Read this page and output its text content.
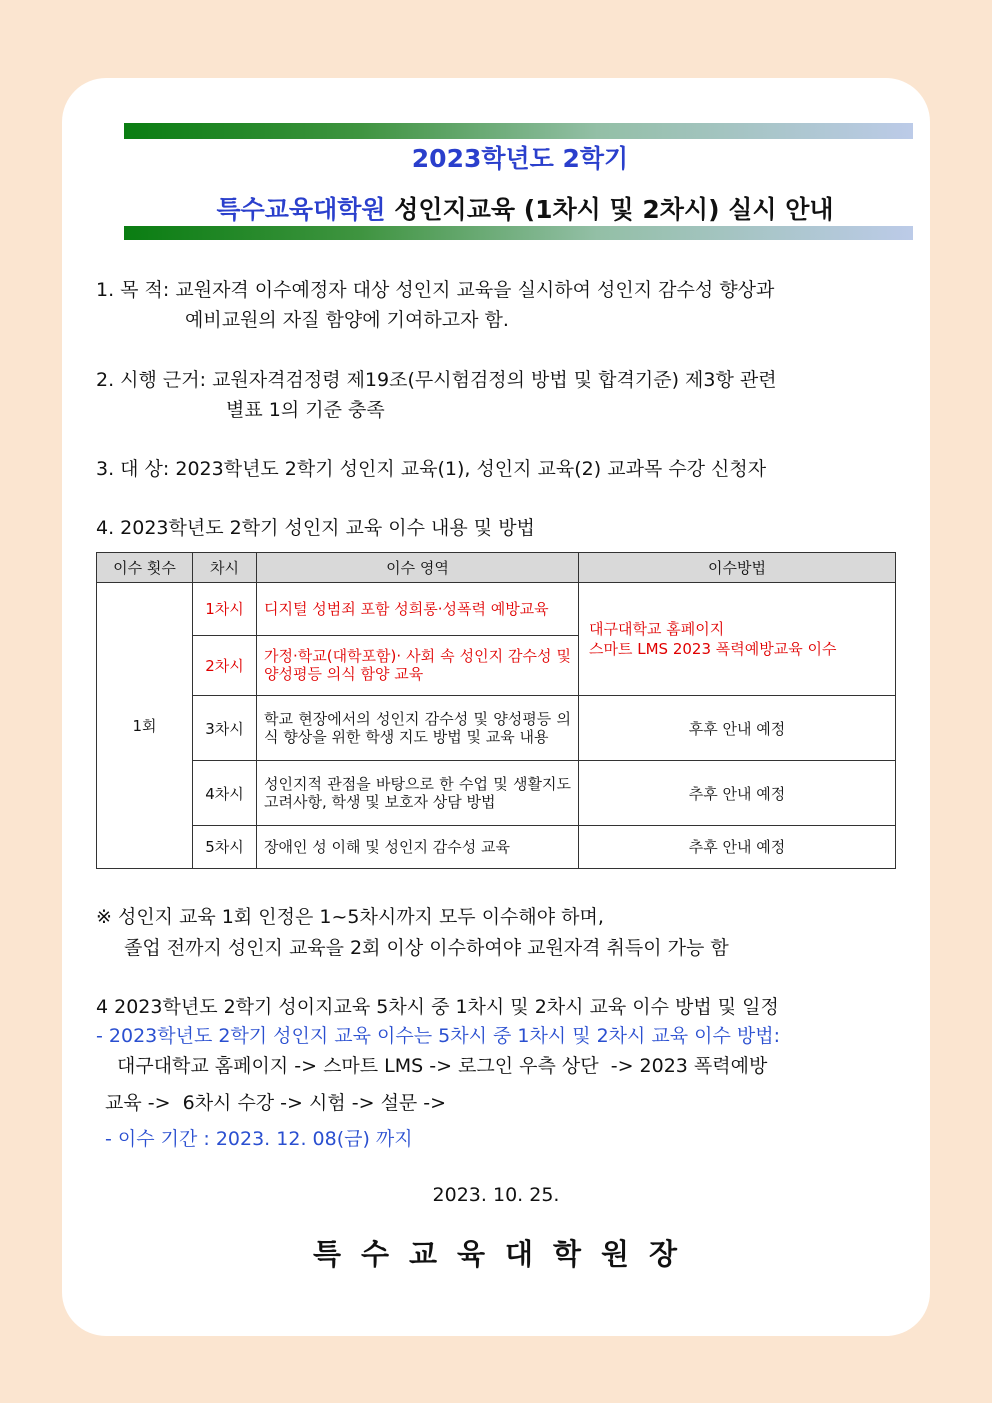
2023학년도 2학기
특수교육대학원 성인지교육 (1차시 및 2차시) 실시 안내
1. 목 적: 교원자격 이수예정자 대상 성인지 교육을 실시하여 성인지 감수성 향상과
예비교원의 자질 함양에 기여하고자 함.
2. 시행 근거: 교원자격검정령 제19조(무시험검정의 방법 및 합격기준) 제3항 관련
별표 1의 기준 충족
3. 대 상: 2023학년도 2학기 성인지 교육(1), 성인지 교육(2) 교과목 수강 신청자
4. 2023학년도 2학기 성인지 교육 이수 내용 및 방법
이수 횟수	차시	이수 영역	이수방법
1회	1차시	디지털 성범죄 포함 성희롱·성폭력 예방교육	대구대학교 홈페이지
스마트 LMS 2023 폭력예방교육 이수

	2차시	가정·학교(대학포함)· 사회 속 성인지 감수성 및 양성평등 의식 함양 교육	
	3차시	학교 현장에서의 성인지 감수성 및 양성평등 의식 향상을 위한 학생 지도 방법 및 교육 내용	후후 안내 예정
	4차시	성인지적 관점을 바탕으로 한 수업 및 생활지도 고려사항, 학생 및 보호자 상담 방법	추후 안내 예정
	5차시	장애인 성 이해 및 성인지 감수성 교육	추후 안내 예정
※ 성인지 교육 1회 인정은 1~5차시까지 모두 이수해야 하며,
졸업 전까지 성인지 교육을 2회 이상 이수하여야 교원자격 취득이 가능 함
4 2023학년도 2학기 성이지교육 5차시 중 1차시 및 2차시 교육 이수 방법 및 일정
- 2023학년도 2학기 성인지 교육 이수는 5차시 중 1차시 및 2차시 교육 이수 방법:
대구대학교 홈페이지 -> 스마트 LMS -> 로그인 우측 상단  -> 2023 폭력예방
교육 ->  6차시 수강 -> 시험 -> 설문 ->
- 이수 기간 : 2023. 12. 08(금) 까지
2023. 10. 25.
특수교육대학원장
